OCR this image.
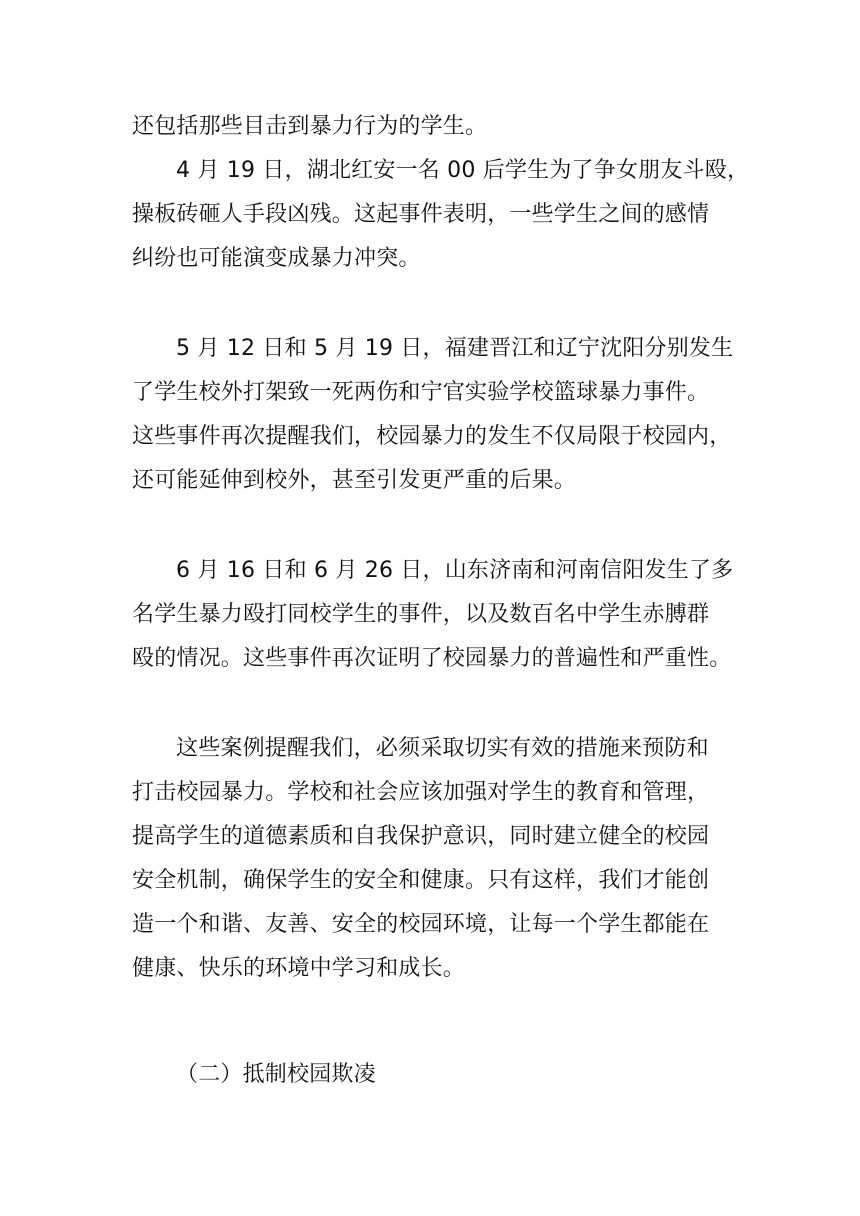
还包括那些目击到暴力行为的学生。
4 月 19 日，湖北红安一名 00 后学生为了争女朋友斗殴，
操板砖砸人手段凶残。这起事件表明，一些学生之间的感情
纠纷也可能演变成暴力冲突。
5 月 12 日和 5 月 19 日，福建晋江和辽宁沈阳分别发生
了学生校外打架致一死两伤和宁官实验学校篮球暴力事件。
这些事件再次提醒我们，校园暴力的发生不仅局限于校园内，
还可能延伸到校外，甚至引发更严重的后果。
6 月 16 日和 6 月 26 日，山东济南和河南信阳发生了多
名学生暴力殴打同校学生的事件，以及数百名中学生赤膊群
殴的情况。这些事件再次证明了校园暴力的普遍性和严重性。
这些案例提醒我们，必须采取切实有效的措施来预防和
打击校园暴力。学校和社会应该加强对学生的教育和管理，
提高学生的道德素质和自我保护意识，同时建立健全的校园
安全机制，确保学生的安全和健康。只有这样，我们才能创
造一个和谐、友善、安全的校园环境，让每一个学生都能在
健康、快乐的环境中学习和成长。
（二）抵制校园欺凌
